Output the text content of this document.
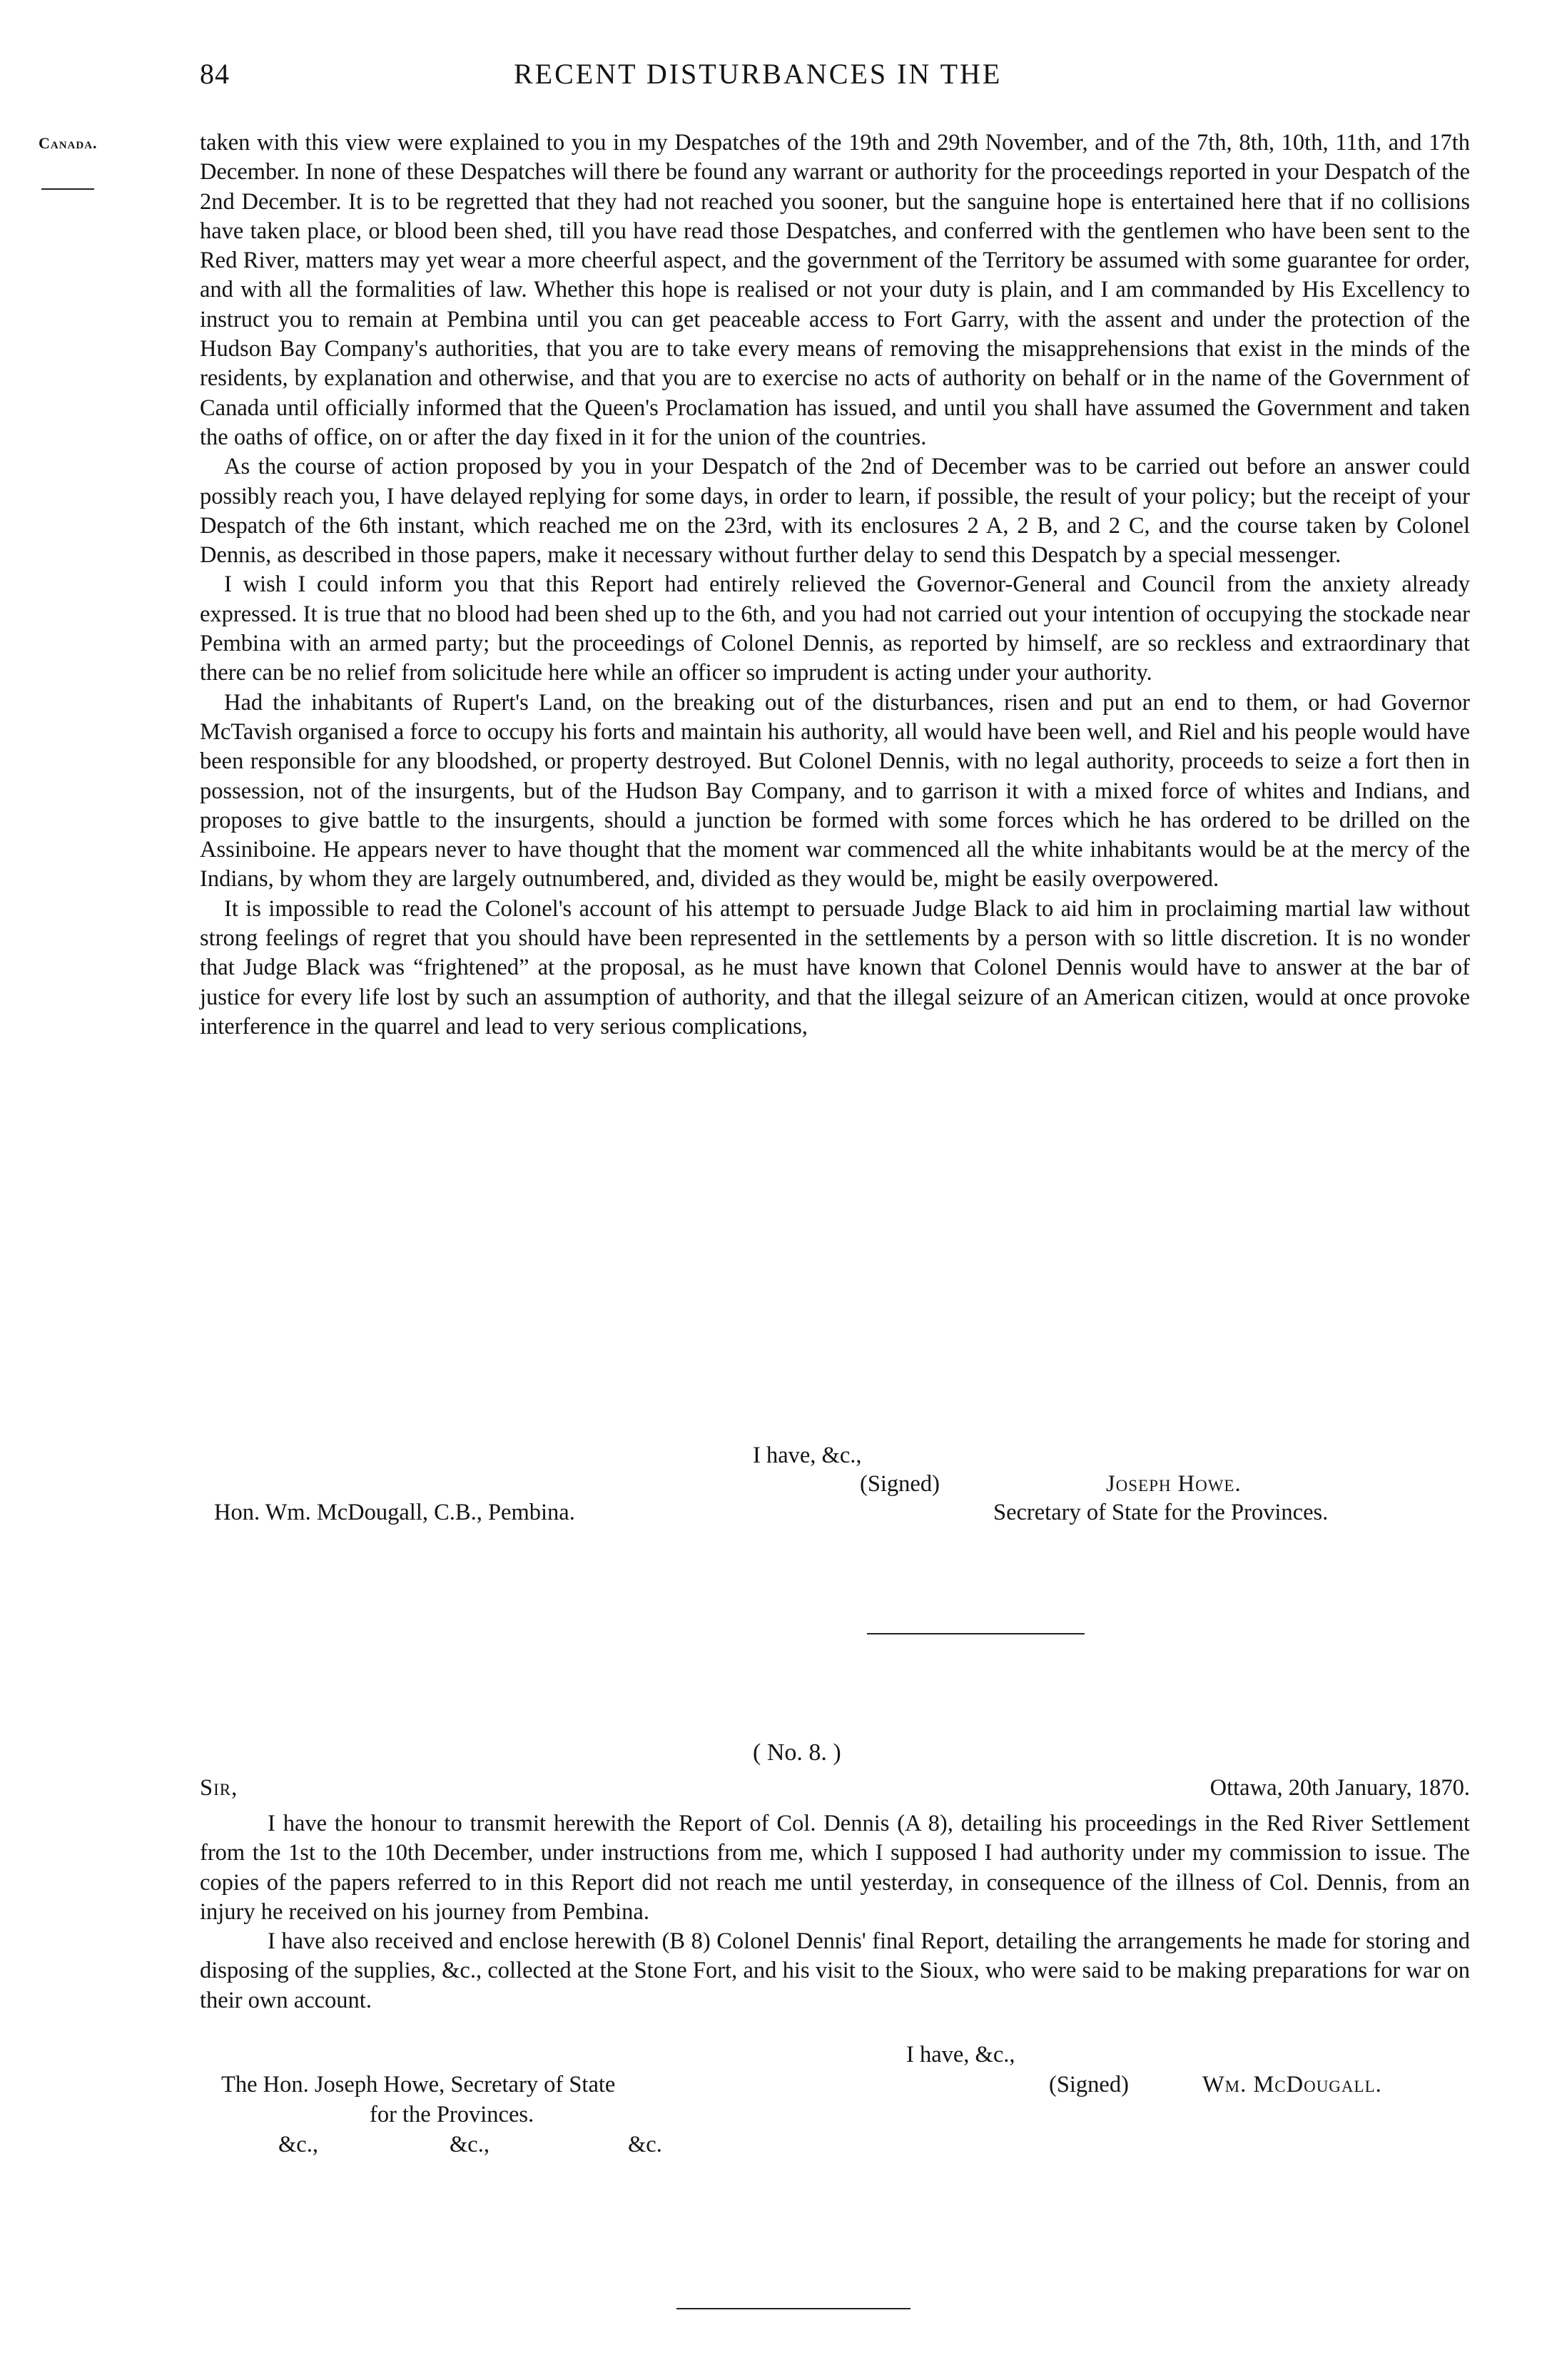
84	RECENT DISTURBANCES IN THE
Canada.	taken with this view were explained to you in my Despatches of the 19th and 29th November, and of the 7th, 8th, 10th, 11th, and 17th December. In none of these Despatches will there be found any warrant or authority for the proceedings reported in your Despatch of the 2nd December. It is to be regretted that they had not reached you sooner, but the sanguine hope is entertained here that if no collisions have taken place, or blood been shed, till you have read those Despatches, and conferred with the gentlemen who have been sent to the Red River, matters may yet wear a more cheerful aspect, and the government of the Territory be assumed with some guarantee for order, and with all the formalities of law. Whether this hope is realised or not your duty is plain, and I am commanded by His Excellency to instruct you to remain at Pembina until you can get peaceable access to Fort Garry, with the assent and under the protection of the Hudson Bay Company's authorities, that you are to take every means of removing the misapprehensions that exist in the minds of the residents, by explanation and otherwise, and that you are to exercise no acts of authority on behalf or in the name of the Government of Canada until officially informed that the Queen's Proclamation has issued, and until you shall have assumed the Government and taken the oaths of office, on or after the day fixed in it for the union of the countries.

As the course of action proposed by you in your Despatch of the 2nd of December was to be carried out before an answer could possibly reach you, I have delayed replying for some days, in order to learn, if possible, the result of your policy; but the receipt of your Despatch of the 6th instant, which reached me on the 23rd, with its enclosures 2 A, 2 B, and 2 C, and the course taken by Colonel Dennis, as described in those papers, make it necessary without further delay to send this Despatch by a special messenger.

I wish I could inform you that this Report had entirely relieved the Governor-General and Council from the anxiety already expressed. It is true that no blood had been shed up to the 6th, and you had not carried out your intention of occupying the stockade near Pembina with an armed party; but the proceedings of Colonel Dennis, as reported by himself, are so reckless and extraordinary that there can be no relief from solicitude here while an officer so imprudent is acting under your authority.

Had the inhabitants of Rupert's Land, on the breaking out of the disturbances, risen and put an end to them, or had Governor McTavish organised a force to occupy his forts and maintain his authority, all would have been well, and Riel and his people would have been responsible for any bloodshed, or property destroyed. But Colonel Dennis, with no legal authority, proceeds to seize a fort then in possession, not of the insurgents, but of the Hudson Bay Company, and to garrison it with a mixed force of whites and Indians, and proposes to give battle to the insurgents, should a junction be formed with some forces which he has ordered to be drilled on the Assiniboine. He appears never to have thought that the moment war commenced all the white inhabitants would be at the mercy of the Indians, by whom they are largely outnumbered, and, divided as they would be, might be easily overpowered.

It is impossible to read the Colonel's account of his attempt to persuade Judge Black to aid him in proclaiming martial law without strong feelings of regret that you should have been represented in the settlements by a person with so little discretion. It is no wonder that Judge Black was “frightened” at the proposal, as he must have known that Colonel Dennis would have to answer at the bar of justice for every life lost by such an assumption of authority, and that the illegal seizure of an American citizen, would at once provoke interference in the quarrel and lead to very serious complications,

I have, &c.,
(Signed)	Joseph Howe.
Hon. Wm. McDougall, C.B., Pembina.	Secretary of State for the Provinces.
( No. 8. )
Sir,	Ottawa, 20th January, 1870.

I have the honour to transmit herewith the Report of Col. Dennis (A 8), detailing his proceedings in the Red River Settlement from the 1st to the 10th December, under instructions from me, which I supposed I had authority under my commission to issue. The copies of the papers referred to in this Report did not reach me until yesterday, in consequence of the illness of Col. Dennis, from an injury he received on his journey from Pembina.

I have also received and enclose herewith (B 8) Colonel Dennis' final Report, detailing the arrangements he made for storing and disposing of the supplies, &c., collected at the Stone Fort, and his visit to the Sioux, who were said to be making preparations for war on their own account.

I have, &c.,
The Hon. Joseph Howe, Secretary of State	(Signed)	Wm. McDougall.
for the Provinces.
&c.,	&c.,	&c.
